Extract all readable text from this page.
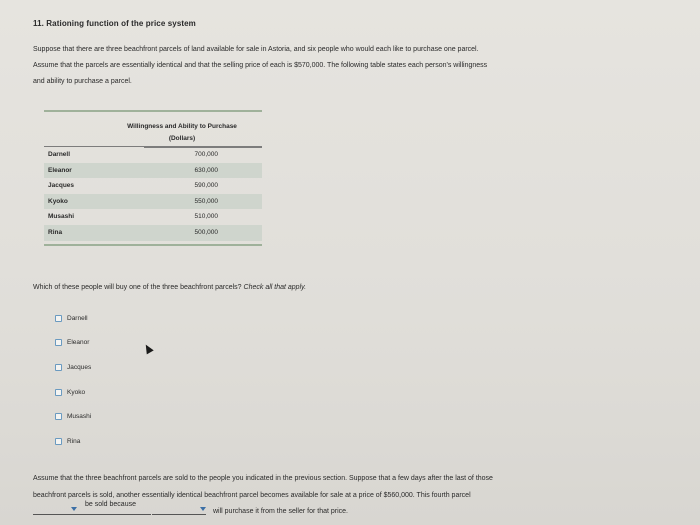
11. Rationing function of the price system

Suppose that there are three beachfront parcels of land available for sale in Astoria, and six people who would each like to purchase one parcel.

Assume that the parcels are essentially identical and that the selling price of each is $570,000. The following table states each person's willingness

and ability to purchase a parcel.

Willingness and Ability to Purchase
(Dollars)
Darnell	700,000
Eleanor	630,000
Jacques	590,000
Kyoko	550,000
Musashi	510,000
Rina	500,000
Which of these people will buy one of the three beachfront parcels? Check all that apply.
Darnell
Eleanor
Jacques
Kyoko
Musashi
Rina

Assume that the three beachfront parcels are sold to the people you indicated in the previous section. Suppose that a few days after the last of those

beachfront parcels is sold, another essentially identical beachfront parcel becomes available for sale at a price of $560,000. This fourth parcel

be sold because
will purchase it from the seller for that price.
